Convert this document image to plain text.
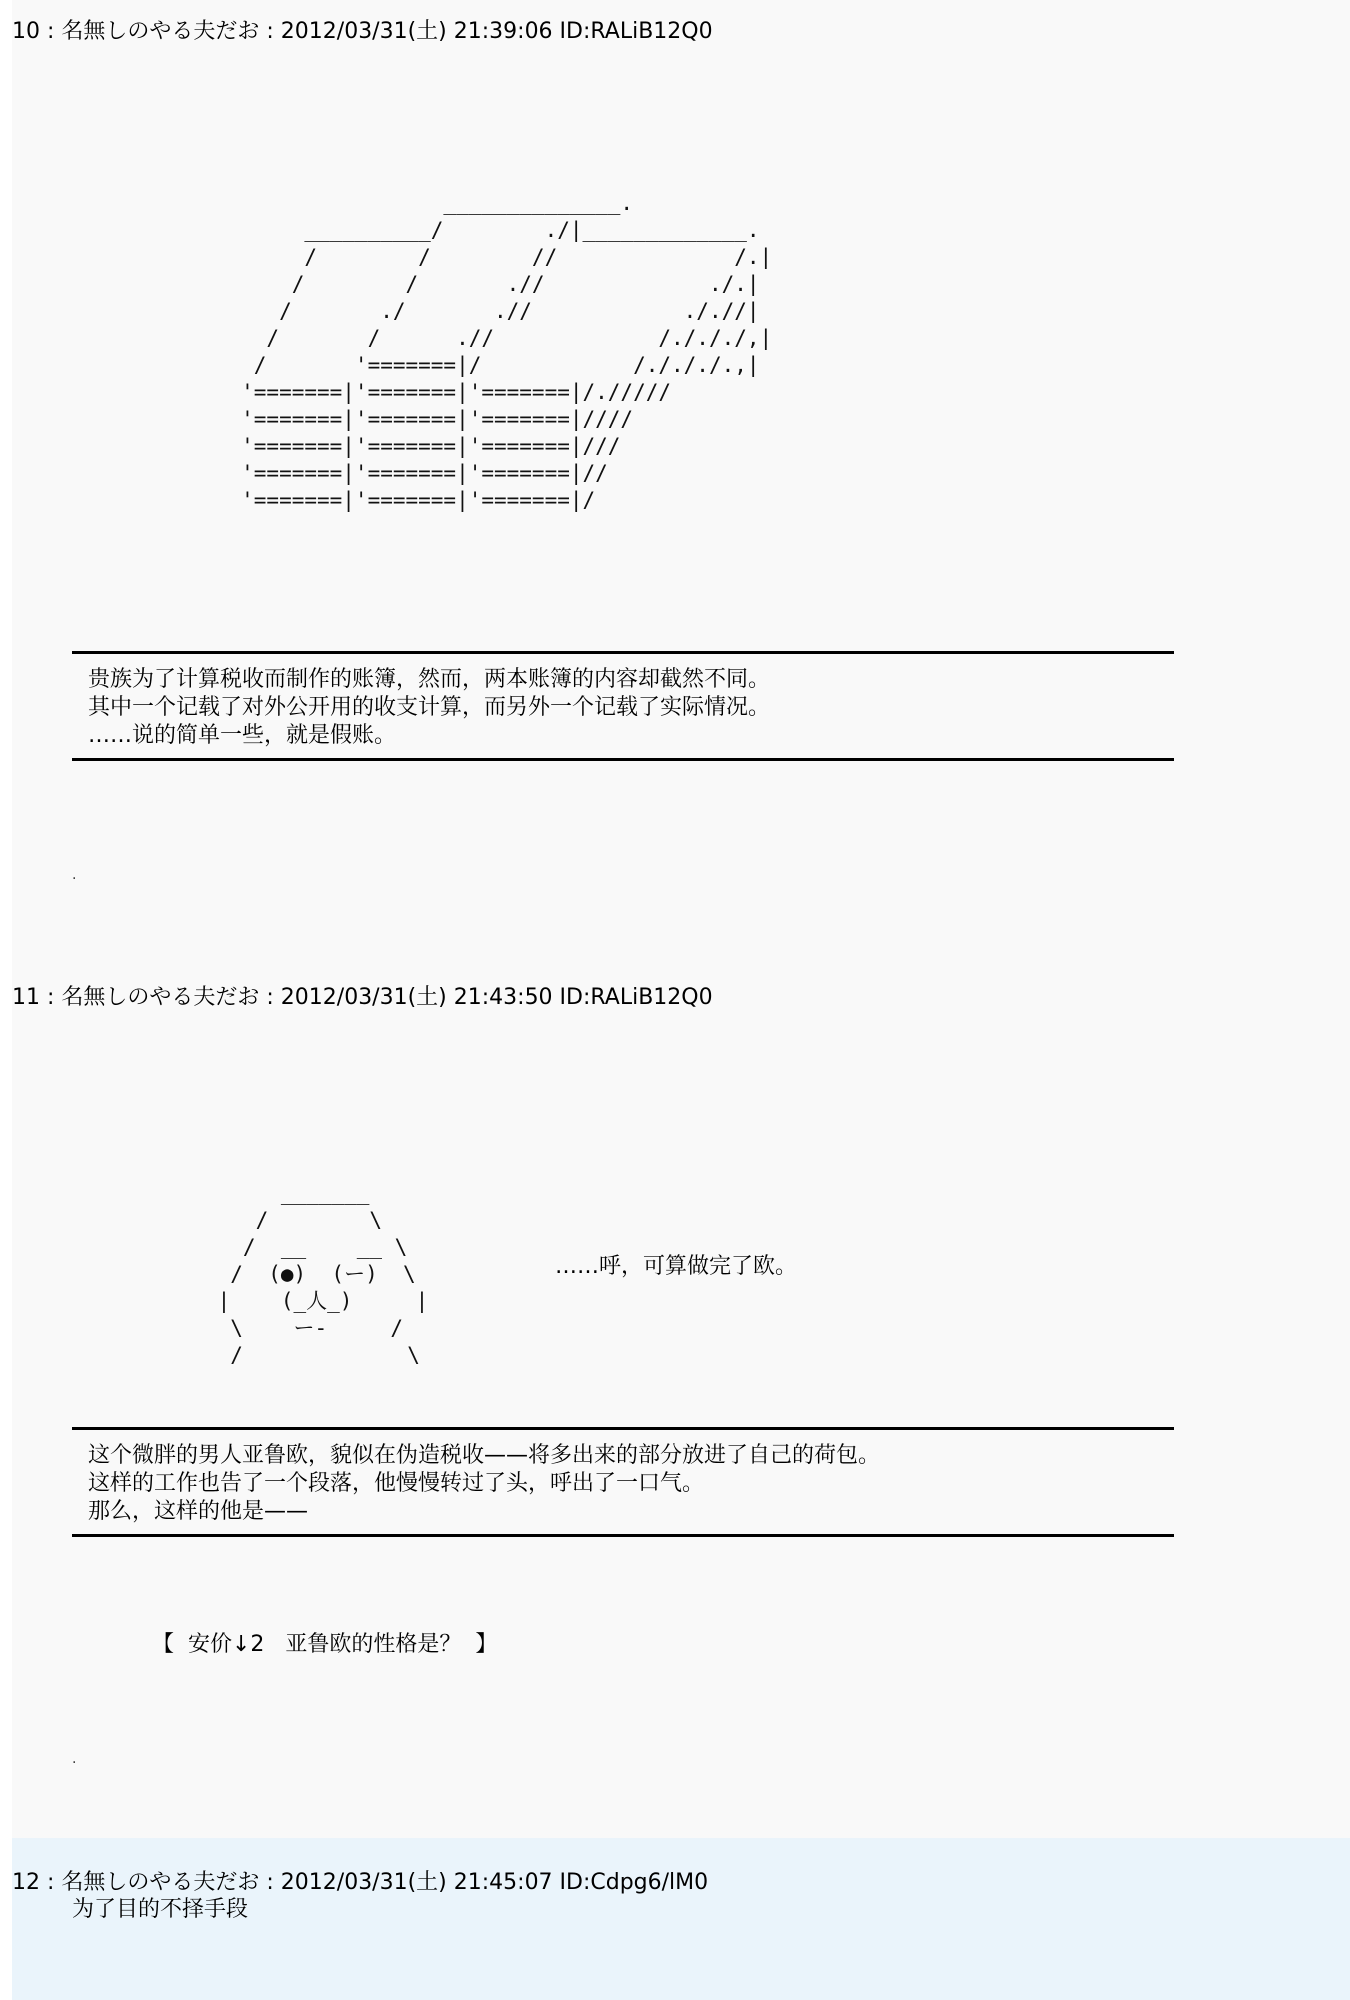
10 : 名無しのやる夫だお : 2012/03/31(土) 21:39:06 ID:RALiB12Q0
______________.
__________/        ./|_____________.
/        /        //              /.|
/        /       .//             ./.|
/       ./       .//            ././/|
/       /      .//             /./././,|
/       '=======|/            /./././.,|
'=======|'=======|'=======|/./////
'=======|'=======|'=======|////
'=======|'=======|'=======|///
'=======|'=======|'=======|//
'=======|'=======|'=======|/
贵族为了计算税收而制作的账簿，然而，两本账簿的内容却截然不同。
其中一个记载了对外公开用的收支计算，而另外一个记载了实际情况。
……说的简单一些，就是假账。
.
11 : 名無しのやる夫だお : 2012/03/31(土) 21:43:50 ID:RALiB12Q0
_______
/        \
/  __    __ \
/  (●)  (ー)  \
|    (_人_)     |
\    ー-     /
/             \
……呼，可算做完了欧。
这个微胖的男人亚鲁欧，貌似在伪造税收——将多出来的部分放进了自己的荷包。
这样的工作也告了一个段落，他慢慢转过了头，呼出了一口气。
那么，这样的他是——
【  安价↓2   亚鲁欧的性格是？  】
.
12 : 名無しのやる夫だお : 2012/03/31(土) 21:45:07 ID:Cdpg6/lM0
为了目的不择手段
